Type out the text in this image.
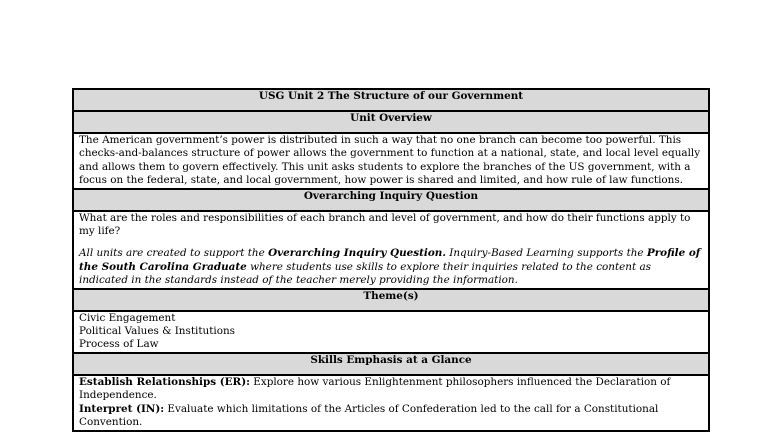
USG Unit 2 The Structure of our Government
Unit Overview

The American government’s power is distributed in such a way that no one branch can become too powerful. This checks-and-balances structure of power allows the government to function at a national, state, and local level equally and allows them to govern effectively. This unit asks students to explore the branches of the US government, with a focus on the federal, state, and local government, how power is shared and limited, and how rule of law functions.

Overarching Inquiry Question

What are the roles and responsibilities of each branch and level of government, and how do their functions apply to my life?

All units are created to support the Overarching Inquiry Question. Inquiry-Based Learning supports the Profile of the South Carolina Graduate where students use skills to explore their inquiries related to the content as indicated in the standards instead of the teacher merely providing the information.

Theme(s)

Civic Engagement
Political Values & Institutions
Process of Law

Skills Emphasis at a Glance

Establish Relationships (ER): Explore how various Enlightenment philosophers influenced the Declaration of Independence.
Interpret (IN): Evaluate which limitations of the Articles of Confederation led to the call for a Constitutional Convention.
